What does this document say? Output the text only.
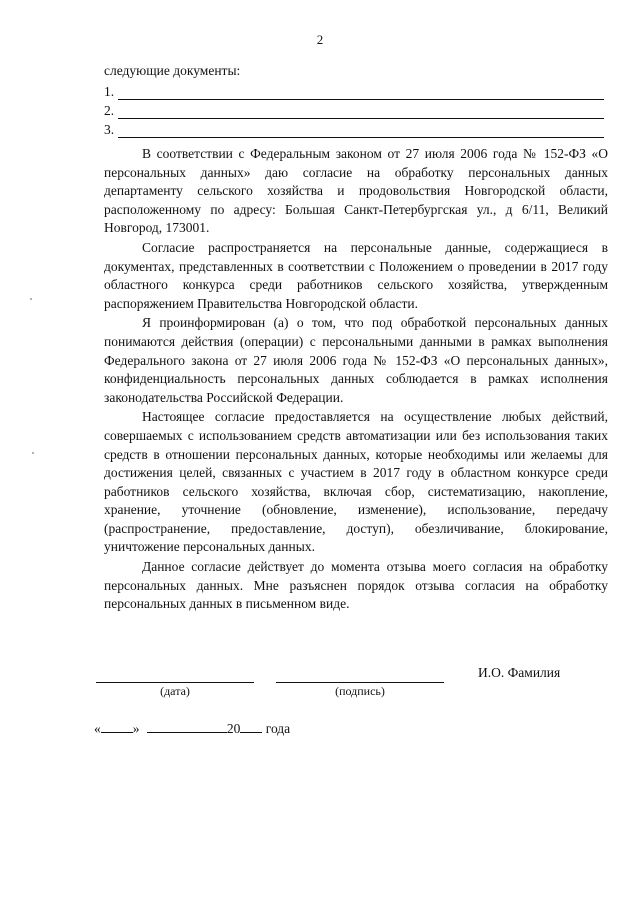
2
следующие документы:
1.
2.
3.

В соответствии с Федеральным законом от 27 июля 2006 года № 152-ФЗ «О персональных данных» даю согласие на обработку персональных данных департаменту сельского хозяйства и продовольствия Новгородской области, расположенному по адресу: Большая Санкт-Петербургская ул., д 6/11, Великий Новгород, 173001.

Согласие распространяется на персональные данные, содержащиеся в документах, представленных в соответствии с Положением о проведении в 2017 году областного конкурса среди работников сельского хозяйства, утвержденным распоряжением Правительства Новгородской области.

Я проинформирован (а) о том, что под обработкой персональных данных понимаются действия (операции) с персональными данными в рамках выполнения Федерального закона от 27 июля 2006 года № 152-ФЗ «О персональных данных», конфиденциальность персональных данных соблюдается в рамках исполнения законодательства Российской Федерации.

Настоящее согласие предоставляется на осуществление любых действий, совершаемых с использованием средств автоматизации или без использования таких средств в отношении персональных данных, которые необходимы или желаемы для достижения целей, связанных с участием в 2017 году в областном конкурсе среди работников сельского хозяйства, включая сбор, систематизацию, накопление, хранение, уточнение (обновление, изменение), использование, передачу (распространение, предоставление, доступ), обезличивание, блокирование, уничтожение персональных данных.

Данное согласие действует до момента отзыва моего согласия на обработку персональных данных. Мне разъяснен порядок отзыва согласия на обработку персональных данных в письменном виде.

(дата)	(подпись)
И.О. Фамилия
« »	20 года
